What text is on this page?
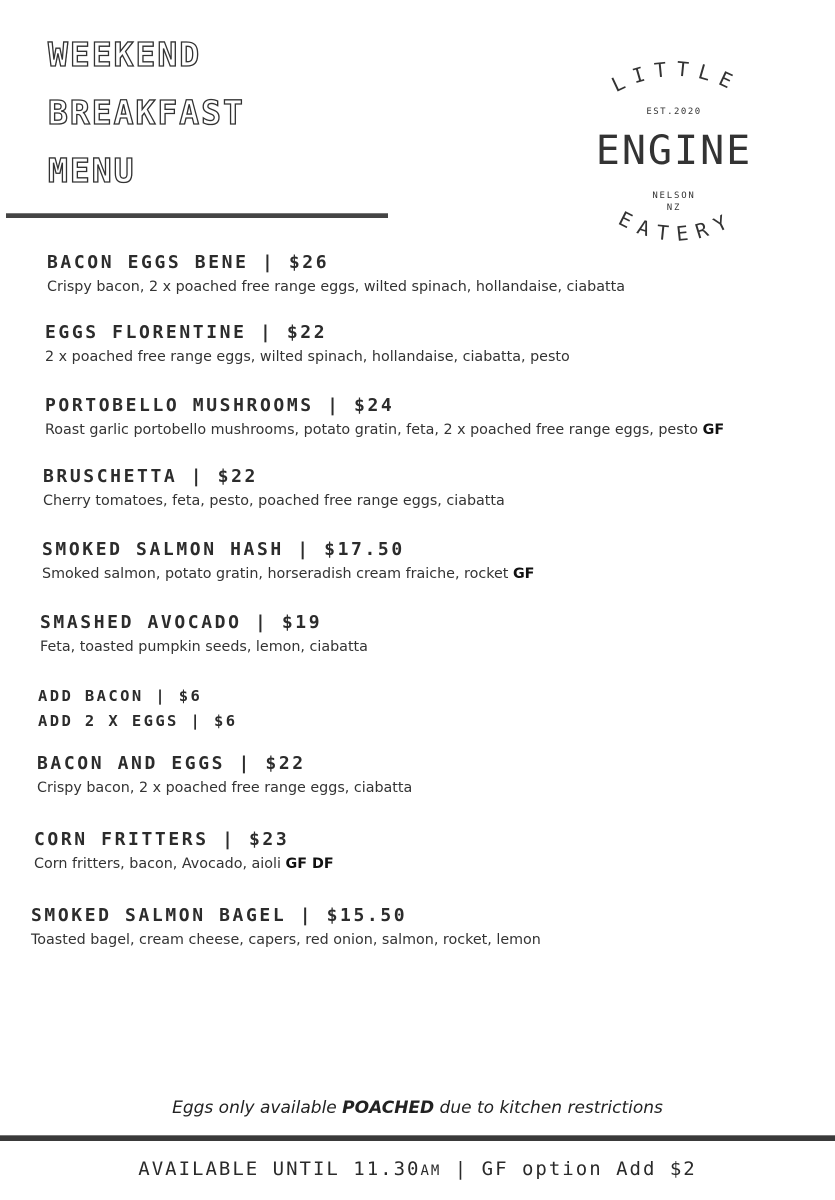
WEEKEND
BREAKFAST
MENU
LITTLE
EST.2020
ENGINE
NELSON
NZ
EATERY
BACON EGGS BENE | $26
Crispy bacon, 2 x poached free range eggs, wilted spinach, hollandaise, ciabatta
EGGS FLORENTINE | $22
2 x poached free range eggs, wilted spinach, hollandaise, ciabatta, pesto
PORTOBELLO MUSHROOMS | $24
Roast garlic portobello mushrooms, potato gratin, feta, 2 x poached free range eggs, pesto GF
BRUSCHETTA | $22
Cherry tomatoes, feta, pesto, poached free range eggs, ciabatta
SMOKED SALMON HASH | $17.50
Smoked salmon, potato gratin, horseradish cream fraiche, rocket GF
SMASHED AVOCADO | $19
Feta, toasted pumpkin seeds, lemon, ciabatta
ADD BACON | $6
ADD 2 X EGGS | $6
BACON AND EGGS | $22
Crispy bacon, 2 x poached free range eggs, ciabatta
CORN FRITTERS | $23
Corn fritters, bacon, Avocado, aioli GF DF
SMOKED SALMON BAGEL | $15.50
Toasted bagel, cream cheese, capers, red onion, salmon, rocket, lemon
Eggs only available POACHED due to kitchen restrictions
AVAILABLE UNTIL 11.30AM | GF option Add $2
